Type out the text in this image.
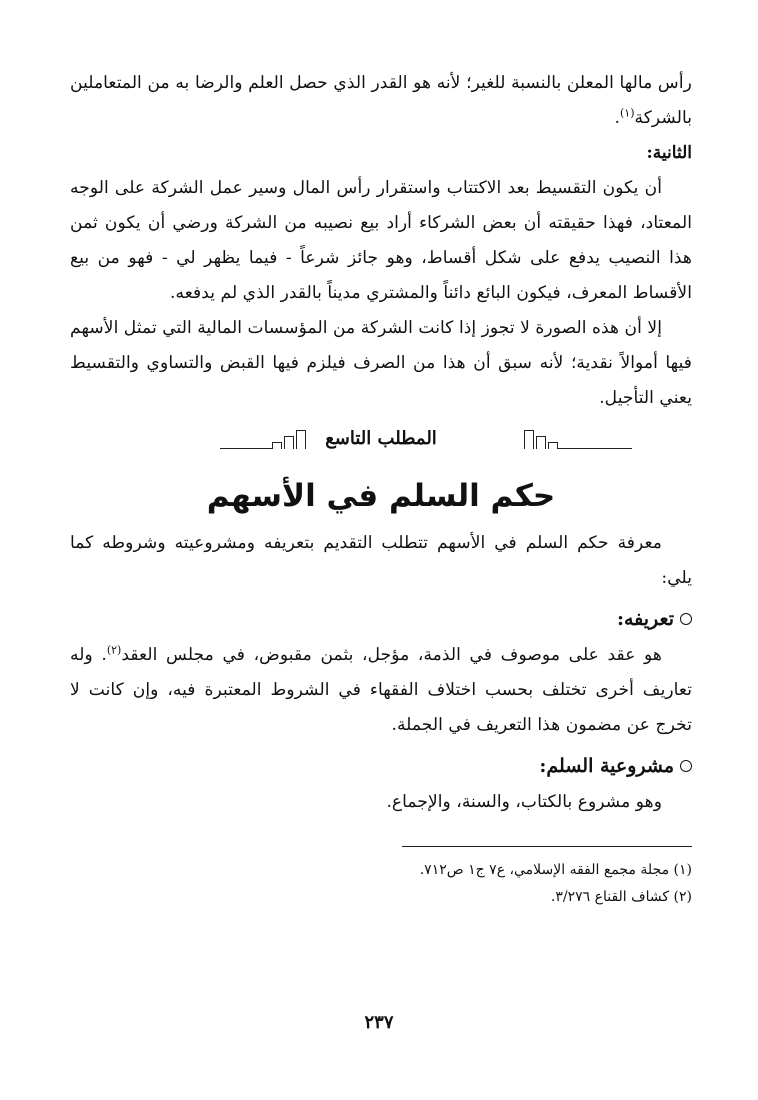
رأس مالها المعلن بالنسبة للغير؛ لأنه هو القدر الذي حصل العلم والرضا به من المتعاملين بالشركة$^{(١)}$.

الثانية:

أن يكون التقسيط بعد الاكتتاب واستقرار رأس المال وسير عمل الشركة على الوجه المعتاد، فهذا حقيقته أن بعض الشركاء أراد بيع نصيبه من الشركة ورضي أن يكون ثمن هذا النصيب يدفع على شكل أقساط، وهو جائز شرعاً - فيما يظهر لي - فهو من بيع الأقساط المعرف، فيكون البائع دائناً والمشتري مديناً بالقدر الذي لم يدفعه.

إلا أن هذه الصورة لا تجوز إذا كانت الشركة من المؤسسات المالية التي تمثل الأسهم فيها أموالاً نقدية؛ لأنه سبق أن هذا من الصرف فيلزم فيها القبض والتساوي والتقسيط يعني التأجيل.

المطلب التاسع
حكم السلم في الأسهم

معرفة حكم السلم في الأسهم تتطلب التقديم بتعريفه ومشروعيته وشروطه كما يلي:

تعريفه:

هو عقد على موصوف في الذمة، مؤجل، بثمن مقبوض، في مجلس العقد$^{(٢)}$. وله تعاريف أخرى تختلف بحسب اختلاف الفقهاء في الشروط المعتبرة فيه، وإن كانت لا تخرج عن مضمون هذا التعريف في الجملة.

مشروعية السلم:

وهو مشروع بالكتاب، والسنة، والإجماع.

(١) مجلة مجمع الفقه الإسلامي، ع٧ ج١ ص٧١٢.

(٢) كشاف القناع ٣/٢٧٦.

٢٣٧
